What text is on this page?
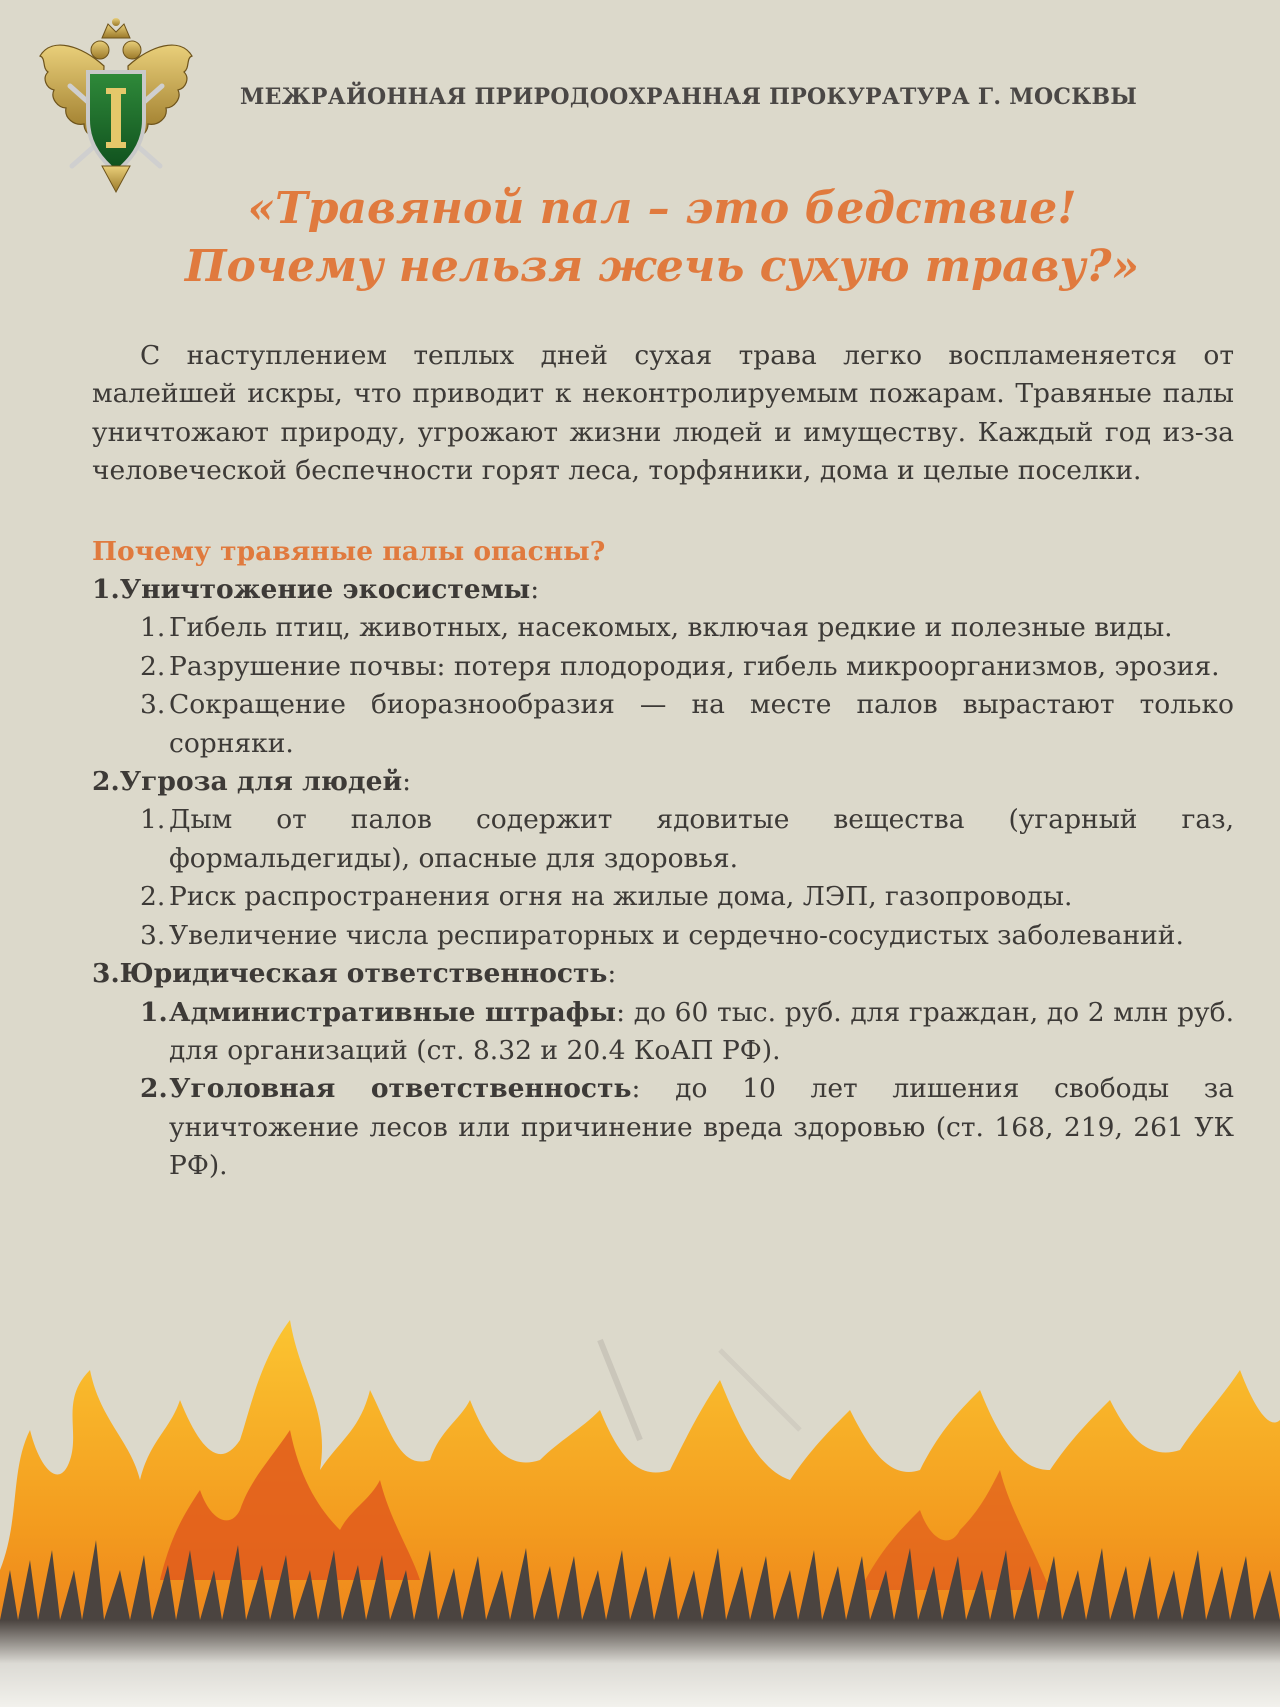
МЕЖРАЙОННАЯ ПРИРОДООХРАННАЯ ПРОКУРАТУРА Г. МОСКВЫ
«Травяной пал – это бедствие!
Почему нельзя жечь сухую траву?»

С наступлением теплых дней сухая трава легко воспламеняется от малейшей искры, что приводит к неконтролируемым пожарам. Травяные палы уничтожают природу, угрожают жизни людей и имуществу. Каждый год из-за человеческой беспечности горят леса, торфяники, дома и целые поселки.

Почему травяные палы опасны?

1.Уничтожение экосистемы:

1. Гибель птиц, животных, насекомых, включая редкие и полезные виды.
2. Разрушение почвы: потеря плодородия, гибель микроорганизмов, эрозия.
3. Сокращение биоразнообразия — на месте палов вырастают только сорняки.

2.Угроза для людей:

1. Дым от палов содержит ядовитые вещества (угарный газ, формальдегиды), опасные для здоровья.
2. Риск распространения огня на жилые дома, ЛЭП, газопроводы.
3. Увеличение числа респираторных и сердечно-сосудистых заболеваний.

3.Юридическая ответственность:

1. Административные штрафы: до 60 тыс. руб. для граждан, до 2 млн руб. для организаций (ст. 8.32 и 20.4 КоАП РФ).
2. Уголовная ответственность: до 10 лет лишения свободы за уничтожение лесов или причинение вреда здоровью (ст. 168, 219, 261 УК РФ).
